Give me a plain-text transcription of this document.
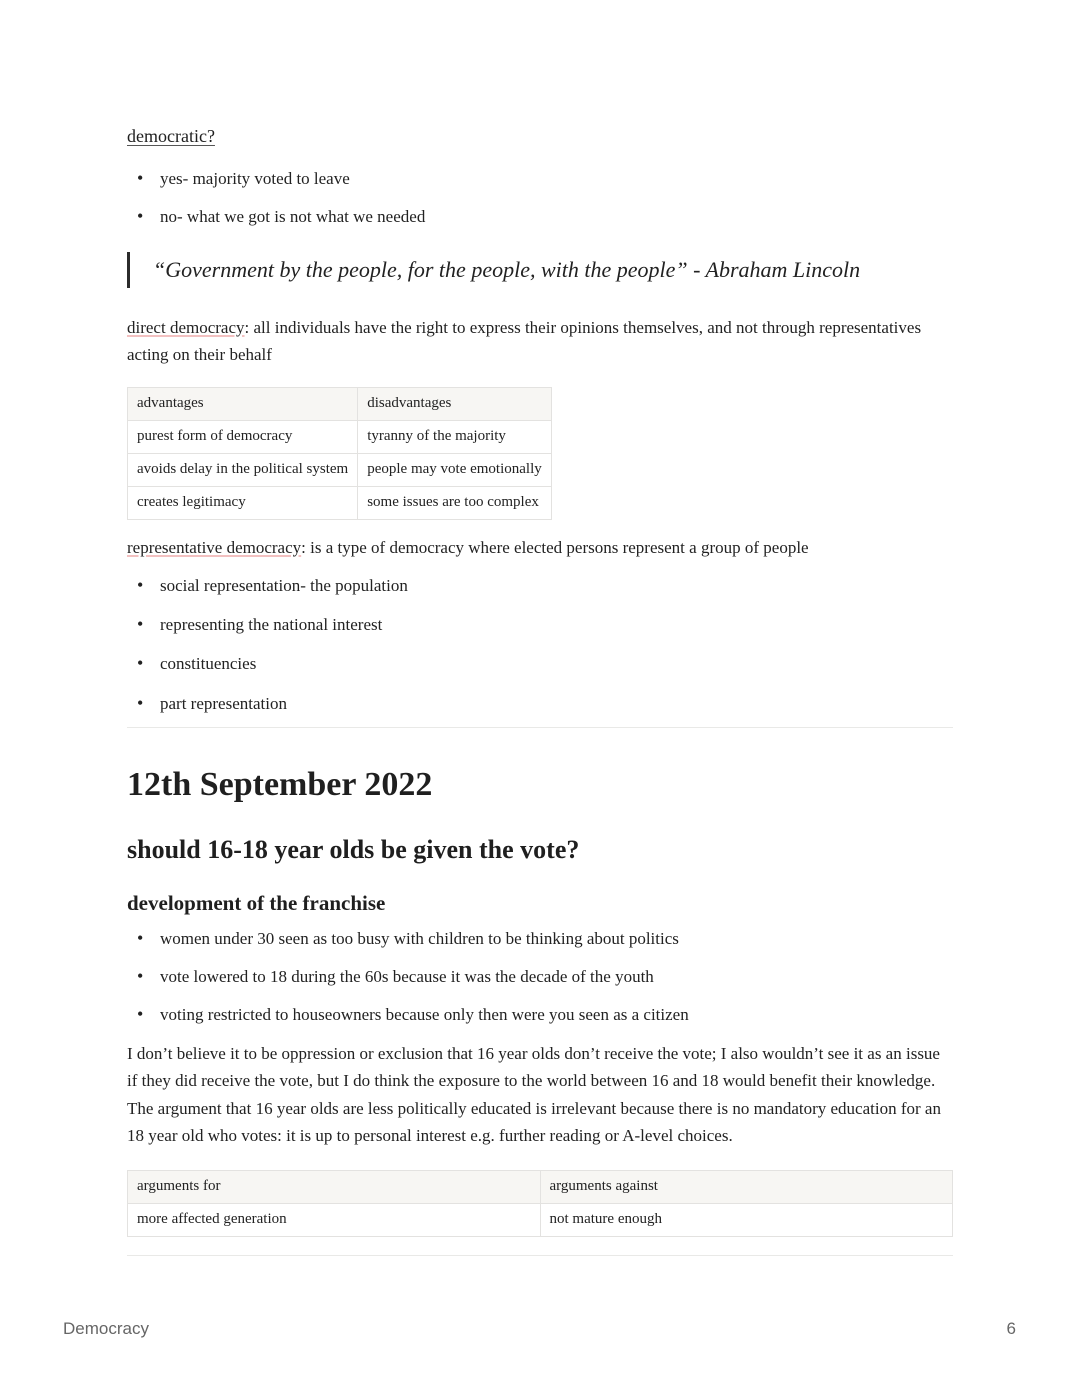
democratic?
• yes- majority voted to leave
• no- what we got is not what we needed
“Government by the people, for the people, with the people” - Abraham Lincoln

direct democracy: all individuals have the right to express their opinions themselves, and not through representatives acting on their behalf

advantages	disadvantages
purest form of democracy	tyranny of the majority
avoids delay in the political system	people may vote emotionally
creates legitimacy	some issues are too complex

representative democracy: is a type of democracy where elected persons represent a group of people

• social representation- the population
• representing the national interest
• constituencies
• part representation
12th September 2022
should 16-18 year olds be given the vote?
development of the franchise
• women under 30 seen as too busy with children to be thinking about politics
• vote lowered to 18 during the 60s because it was the decade of the youth
• voting restricted to houseowners because only then were you seen as a citizen

I don’t believe it to be oppression or exclusion that 16 year olds don’t receive the vote; I also wouldn’t see it as an issue if they did receive the vote, but I do think the exposure to the world between 16 and 18 would benefit their knowledge. The argument that 16 year olds are less politically educated is irrelevant because there is no mandatory education for an 18 year old who votes: it is up to personal interest e.g. further reading or A-level choices.

arguments for	arguments against
more affected generation	not mature enough
Democracy	6
